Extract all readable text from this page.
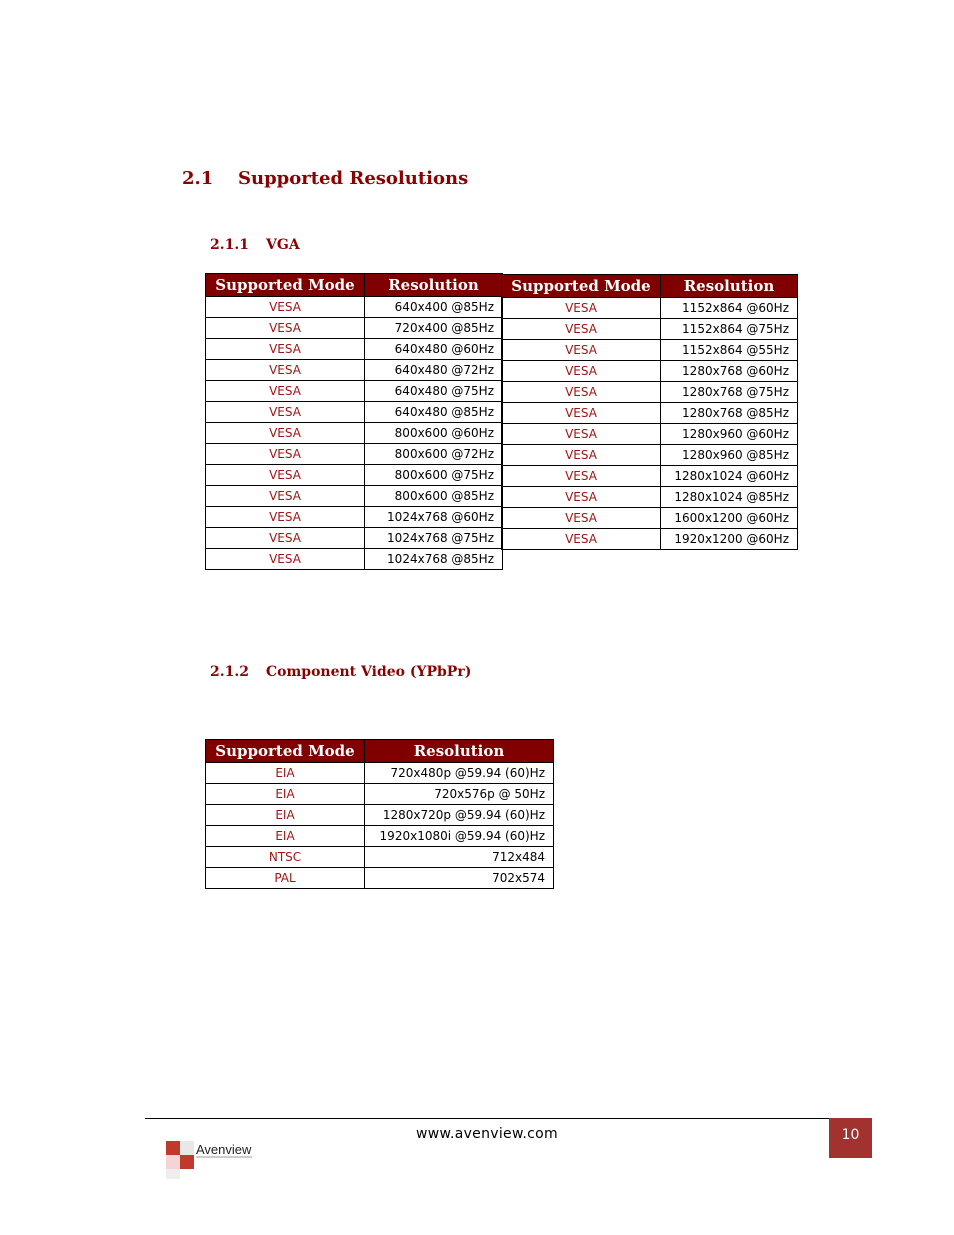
2.1 Supported Resolutions
2.1.1 VGA
Supported Mode	Resolution
VESA	640x400 @85Hz
VESA	720x400 @85Hz
VESA	640x480 @60Hz
VESA	640x480 @72Hz
VESA	640x480 @75Hz
VESA	640x480 @85Hz
VESA	800x600 @60Hz
VESA	800x600 @72Hz
VESA	800x600 @75Hz
VESA	800x600 @85Hz
VESA	1024x768 @60Hz
VESA	1024x768 @75Hz
VESA	1024x768 @85Hz
Supported Mode	Resolution
VESA	1152x864 @60Hz
VESA	1152x864 @75Hz
VESA	1152x864 @55Hz
VESA	1280x768 @60Hz
VESA	1280x768 @75Hz
VESA	1280x768 @85Hz
VESA	1280x960 @60Hz
VESA	1280x960 @85Hz
VESA	1280x1024 @60Hz
VESA	1280x1024 @85Hz
VESA	1600x1200 @60Hz
VESA	1920x1200 @60Hz
2.1.2 Component Video (YPbPr)
Supported Mode	Resolution
EIA	720x480p @59.94 (60)Hz
EIA	720x576p @ 50Hz
EIA	1280x720p @59.94 (60)Hz
EIA	1920x1080i @59.94 (60)Hz
NTSC	712x484
PAL	702x574
www.avenview.com	10
Avenview
